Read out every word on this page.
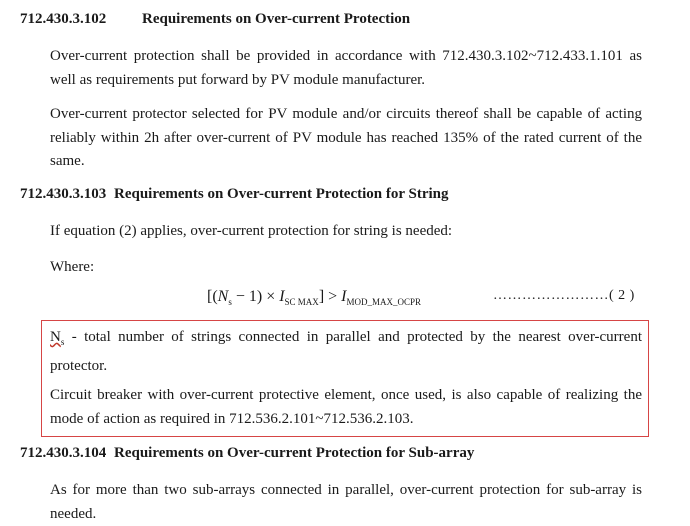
712.430.3.102 Requirements on Over-current Protection
Over-current protection shall be provided in accordance with 712.430.3.102~712.433.1.101 as well as requirements put forward by PV module manufacturer.
Over-current protector selected for PV module and/or circuits thereof shall be capable of acting reliably within 2h after over-current of PV module has reached 135% of the rated current of the same.
712.430.3.103 Requirements on Over-current Protection for String
If equation (2) applies, over-current protection for string is needed:
Where:
$[(N_s - 1) \times I_{SC MAX}] > I_{MOD\_MAX\_OCPR}$	……………………( 2 )
$N_s$ - total number of strings connected in parallel and protected by the nearest over-current protector.
Circuit breaker with over-current protective element, once used, is also capable of realizing the mode of action as required in 712.536.2.101~712.536.2.103.
712.430.3.104 Requirements on Over-current Protection for Sub-array
As for more than two sub-arrays connected in parallel, over-current protection for sub-array is needed.
